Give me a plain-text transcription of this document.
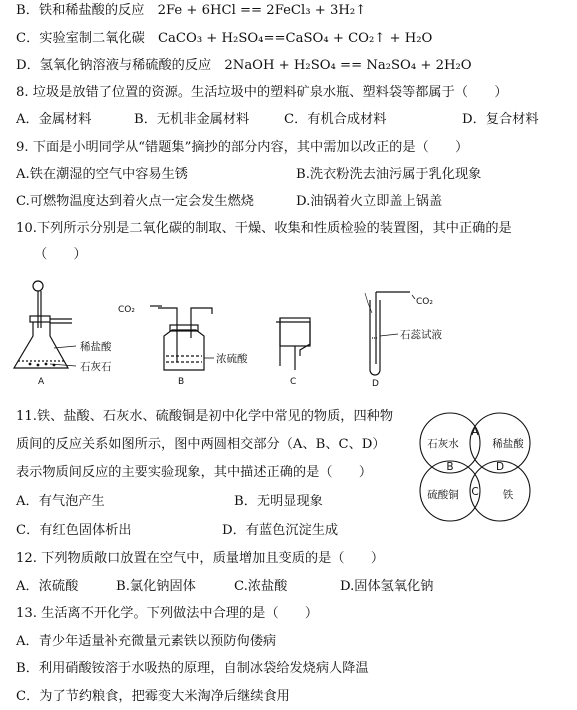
B．铁和稀盐酸的反应　2Fe + 6HCl == 2FeCl₃ + 3H₂↑
C．实验室制二氧化碳　CaCO₃ + H₂SO₄==CaSO₄ + CO₂↑ + H₂O
D．氢氧化钠溶液与稀硫酸的反应　2NaOH + H₂SO₄ == Na₂SO₄ + 2H₂O
8. 垃圾是放错了位置的资源。生活垃圾中的塑料矿泉水瓶、塑料袋等都属于（　　）
A．金属材料	B．无机非金属材料	C．有机合成材料	D．复合材料
9. 下面是小明同学从“错题集”摘抄的部分内容，其中需加以改正的是（　　）
A.铁在潮湿的空气中容易生锈	B.洗衣粉洗去油污属于乳化现象
C.可燃物温度达到着火点一定会发生燃烧	D.油锅着火立即盖上锅盖
10.下列所示分别是二氧化碳的制取、干燥、收集和性质检验的装置图，其中正确的是
（　　）
稀盐酸
石灰石
A
CO₂
浓硫酸
B	C
CO₂
石蕊试液
D
11.铁、盐酸、石灰水、硫酸铜是初中化学中常见的物质，四种物
质间的反应关系如图所示，图中两圆相交部分（A、B、C、D）
表示物质间反应的主要实验现象，其中描述正确的是（　　）
A．有气泡产生	B．无明显现象
C．有红色固体析出	D．有蓝色沉淀生成
石灰水	稀盐酸
硫酸铜	铁
A
B
C
D
12. 下列物质敞口放置在空气中，质量增加且变质的是（　　）
A．浓硫酸	B.氯化钠固体	C.浓盐酸	D.固体氢氧化钠
13. 生活离不开化学。下列做法中合理的是（　　）
A．青少年适量补充微量元素铁以预防佝偻病
B．利用硝酸铵溶于水吸热的原理，自制冰袋给发烧病人降温
C．为了节约粮食，把霉变大米淘净后继续食用
